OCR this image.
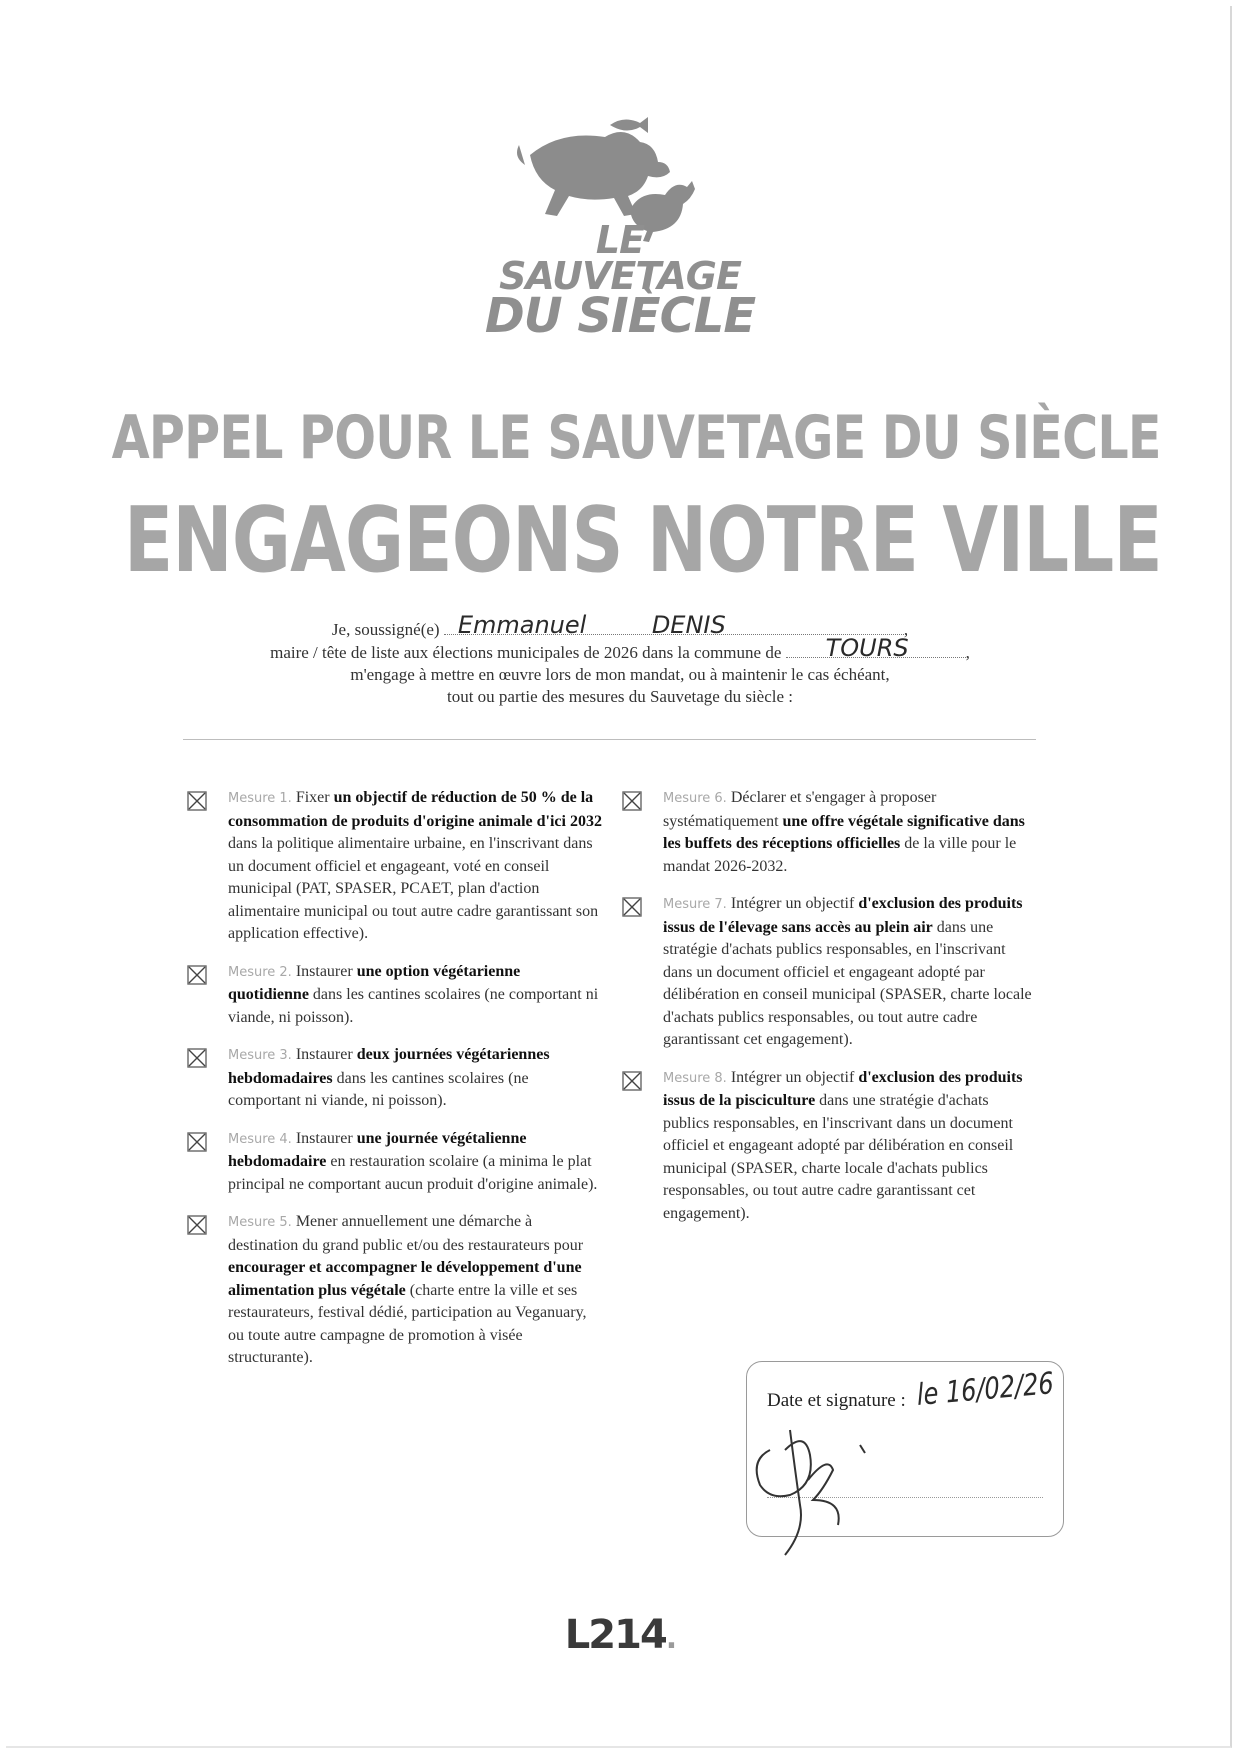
LE SAUVETAGE
DU SIÈCLE
APPEL POUR LE SAUVETAGE DU SIÈCLE
ENGAGEONS NOTRE VILLE
Je, soussigné(e) Emmanuel	DENIS	,
maire / tête de liste aux élections municipales de 2026 dans la commune de TOURS	,
m'engage à mettre en œuvre lors de mon mandat, ou à maintenir le cas échéant,
tout ou partie des mesures du Sauvetage du siècle :
Mesure 1. Fixer un objectif de réduction de 50 % de la consommation de produits d'origine animale d'ici 2032 dans la politique alimentaire urbaine, en l'inscrivant dans un document officiel et engageant, voté en conseil municipal (PAT, SPASER, PCAET, plan d'action alimentaire municipal ou tout autre cadre garantissant son application effective).
Mesure 2. Instaurer une option végétarienne quotidienne dans les cantines scolaires (ne comportant ni viande, ni poisson).
Mesure 3. Instaurer deux journées végétariennes hebdomadaires dans les cantines scolaires (ne comportant ni viande, ni poisson).
Mesure 4. Instaurer une journée végétalienne hebdomadaire en restauration scolaire (a minima le plat principal ne comportant aucun produit d'origine animale).
Mesure 5. Mener annuellement une démarche à destination du grand public et/ou des restaurateurs pour encourager et accompagner le développement d'une alimentation plus végétale (charte entre la ville et ses restaurateurs, festival dédié, participation au Veganuary, ou toute autre campagne de promotion à visée structurante).
Mesure 6. Déclarer et s'engager à proposer systématiquement une offre végétale significative dans les buffets des réceptions officielles de la ville pour le mandat 2026-2032.
Mesure 7. Intégrer un objectif d'exclusion des produits issus de l'élevage sans accès au plein air dans une stratégie d'achats publics responsables, en l'inscrivant dans un document officiel et engageant adopté par délibération en conseil municipal (SPASER, charte locale d'achats publics responsables, ou tout autre cadre garantissant cet engagement).
Mesure 8. Intégrer un objectif d'exclusion des produits issus de la pisciculture dans une stratégie d'achats publics responsables, en l'inscrivant dans un document officiel et engageant adopté par délibération en conseil municipal (SPASER, charte locale d'achats publics responsables, ou tout autre cadre garantissant cet engagement).
Date et signature : le 16/02/26
L214.
